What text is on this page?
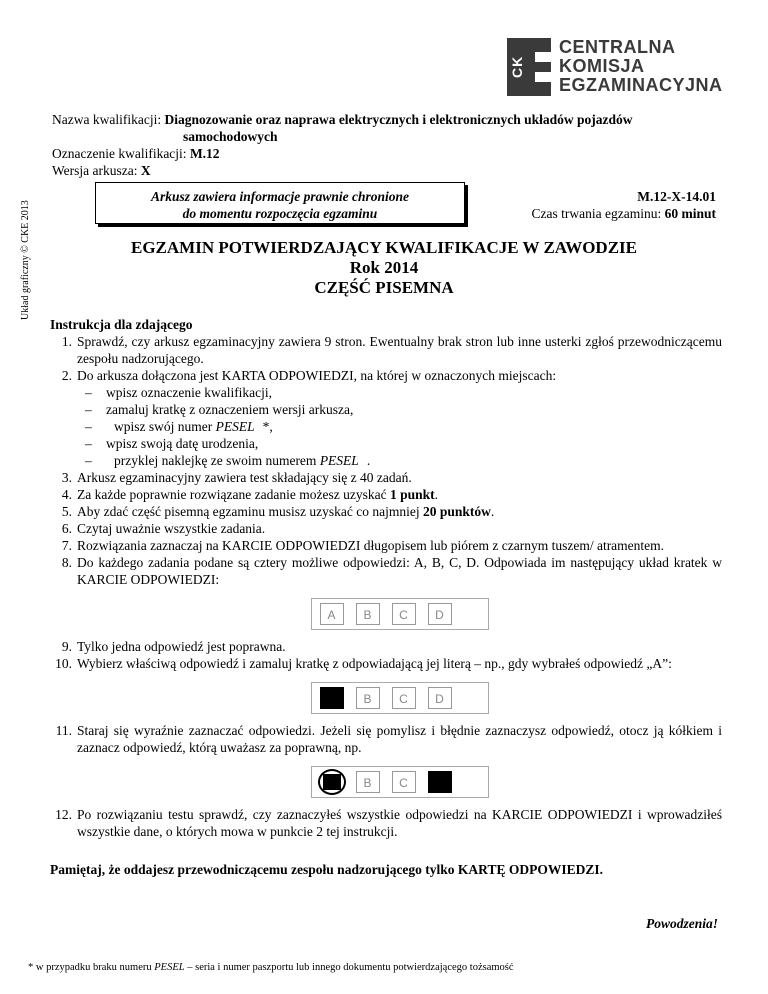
CK
CENTRALNA
KOMISJA
EGZAMINACYJNA
Układ graficzny © CKE 2013
Nazwa kwalifikacji: Diagnozowanie oraz naprawa elektrycznych i elektronicznych układów pojazdów
samochodowych
Oznaczenie kwalifikacji: M.12
Wersja arkusza: X
Arkusz zawiera informacje prawnie chronione
do momentu rozpoczęcia egzaminu
M.12-X-14.01
Czas trwania egzaminu: 60 minut
EGZAMIN POTWIERDZAJĄCY KWALIFIKACJE W ZAWODZIE
Rok 2014
CZĘŚĆ PISEMNA
Instrukcja dla zdającego
1. Sprawdź, czy arkusz egzaminacyjny zawiera 9 stron. Ewentualny brak stron lub inne usterki zgłoś przewodniczącemu zespołu nadzorującego.
2. Do arkusza dołączona jest KARTA ODPOWIEDZI, na której w oznaczonych miejscach:
– wpisz oznaczenie kwalifikacji,
– zamaluj kratkę z oznaczeniem wersji arkusza,
– wpisz swój numer PESEL *,
– wpisz swoją datę urodzenia,
– przyklej naklejkę ze swoim numerem PESEL .
3. Arkusz egzaminacyjny zawiera test składający się z 40 zadań.
4. Za każde poprawnie rozwiązane zadanie możesz uzyskać 1 punkt.
5. Aby zdać część pisemną egzaminu musisz uzyskać co najmniej 20 punktów.
6. Czytaj uważnie wszystkie zadania.
7. Rozwiązania zaznaczaj na KARCIE ODPOWIEDZI długopisem lub piórem z czarnym tuszem/ atramentem.
8. Do każdego zadania podane są cztery możliwe odpowiedzi: A, B, C, D. Odpowiada im następujący układ kratek w KARCIE ODPOWIEDZI:
A	B	C	D
9. Tylko jedna odpowiedź jest poprawna.
10. Wybierz właściwą odpowiedź i zamaluj kratkę z odpowiadającą jej literą – np., gdy wybrałeś odpowiedź „A”:
B	C	D
11. Staraj się wyraźnie zaznaczać odpowiedzi. Jeżeli się pomylisz i błędnie zaznaczysz odpowiedź, otocz ją kółkiem i zaznacz odpowiedź, którą uważasz za poprawną, np.
B	C
12. Po rozwiązaniu testu sprawdź, czy zaznaczyłeś wszystkie odpowiedzi na KARCIE ODPOWIEDZI i wprowadziłeś wszystkie dane, o których mowa w punkcie 2 tej instrukcji.
Pamiętaj, że oddajesz przewodniczącemu zespołu nadzorującego tylko KARTĘ ODPOWIEDZI.
Powodzenia!
* w przypadku braku numeru PESEL – seria i numer paszportu lub innego dokumentu potwierdzającego tożsamość
